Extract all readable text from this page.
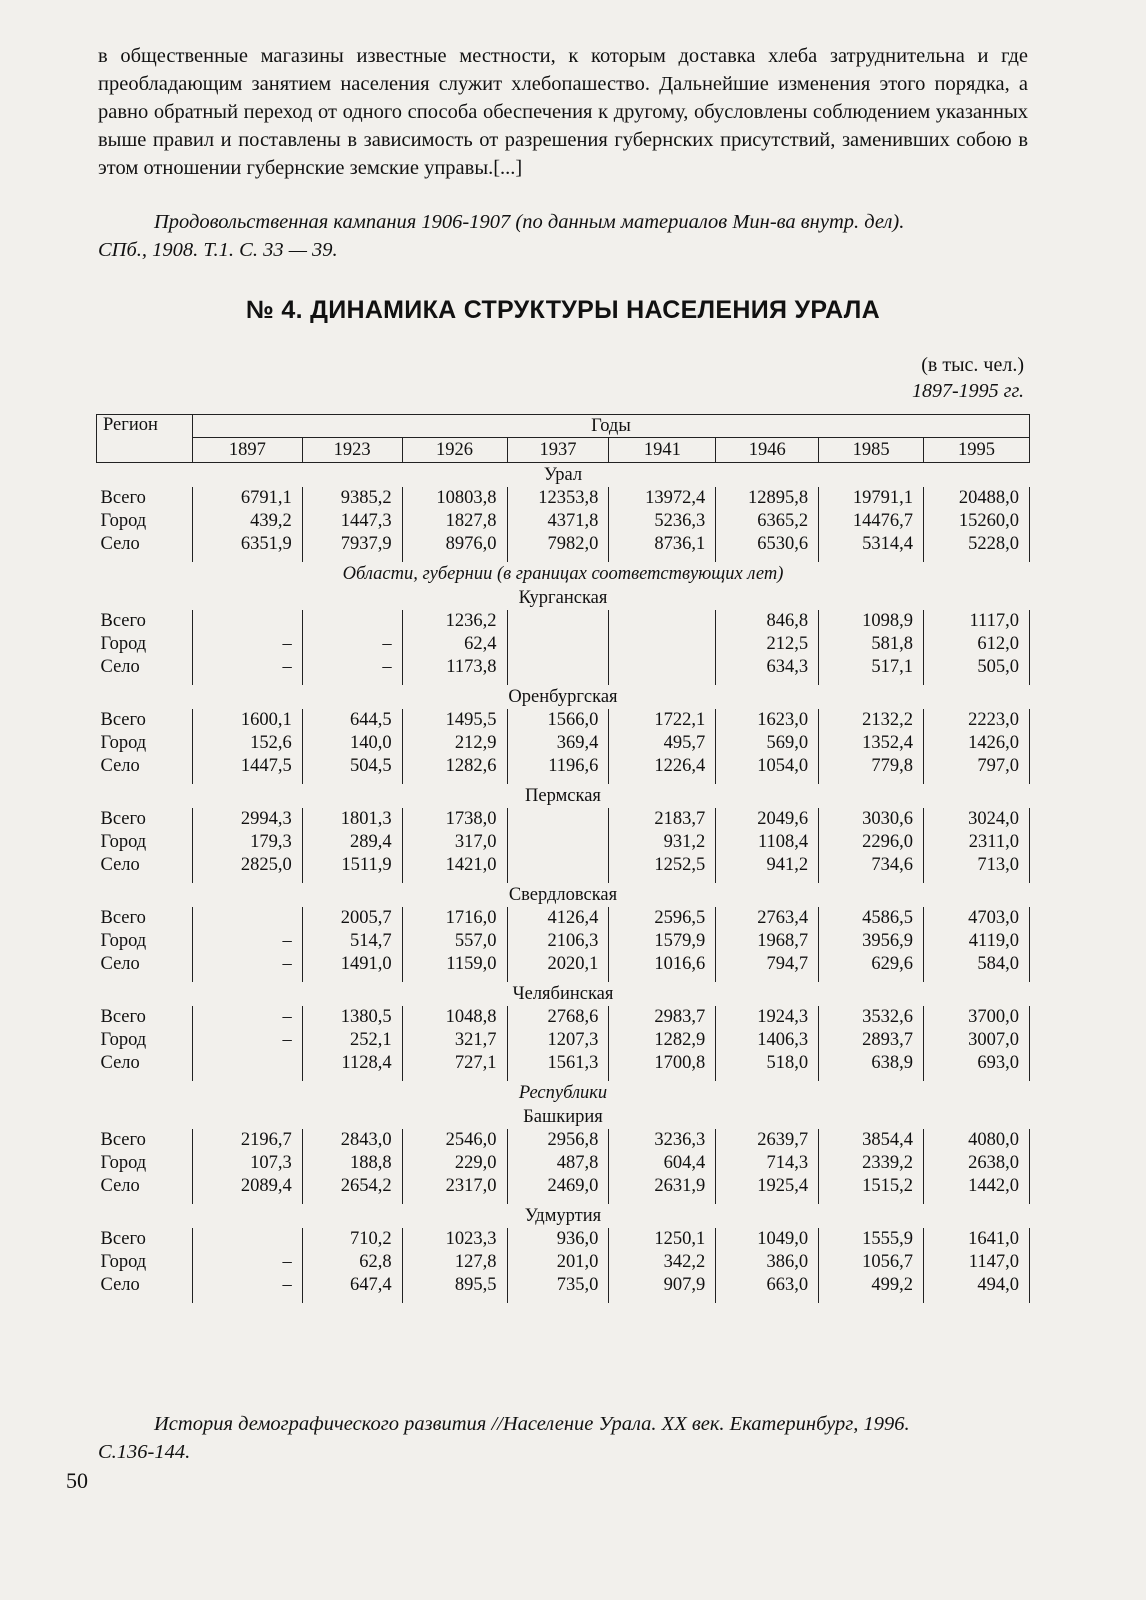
в общественные магазины известные местности, к которым доставка хлеба затруднительна и где преобладающим занятием населения служит хлебопашество. Дальнейшие изменения этого порядка, а равно обратный переход от одного способа обеспечения к другому, обусловлены соблюдением указанных выше правил и поставлены в зависимость от разрешения губернских присутствий, заменивших собою в этом отношении губернские земские управы.[...]
Продовольственная кампания 1906-1907 (по данным материалов Мин-ва внутр. дел).
СПб., 1908. Т.1. С. 33 — 39.
№ 4. ДИНАМИКА СТРУКТУРЫ НАСЕЛЕНИЯ УРАЛА
(в тыс. чел.)
1897-1995 гг.
Регион	Годы							
	1897	1923	1926	1937	1941	1946	1985	1995
Урал								
Всего	6791,1	9385,2	10803,8	12353,8	13972,4	12895,8	19791,1	20488,0
Город	439,2	1447,3	1827,8	4371,8	5236,3	6365,2	14476,7	15260,0
Село	6351,9	7937,9	8976,0	7982,0	8736,1	6530,6	5314,4	5228,0
Области, губернии (в границах соответствующих лет)								
Курганская								
Всего			1236,2			846,8	1098,9	1117,0
Город	–	–	62,4			212,5	581,8	612,0
Село	–	–	1173,8			634,3	517,1	505,0
Оренбургская								
Всего	1600,1	644,5	1495,5	1566,0	1722,1	1623,0	2132,2	2223,0
Город	152,6	140,0	212,9	369,4	495,7	569,0	1352,4	1426,0
Село	1447,5	504,5	1282,6	1196,6	1226,4	1054,0	779,8	797,0
Пермская								
Всего	2994,3	1801,3	1738,0		2183,7	2049,6	3030,6	3024,0
Город	179,3	289,4	317,0		931,2	1108,4	2296,0	2311,0
Село	2825,0	1511,9	1421,0		1252,5	941,2	734,6	713,0
Свердловская								
Всего		2005,7	1716,0	4126,4	2596,5	2763,4	4586,5	4703,0
Город	–	514,7	557,0	2106,3	1579,9	1968,7	3956,9	4119,0
Село	–	1491,0	1159,0	2020,1	1016,6	794,7	629,6	584,0
Челябинская								
Всего	–	1380,5	1048,8	2768,6	2983,7	1924,3	3532,6	3700,0
Город	–	252,1	321,7	1207,3	1282,9	1406,3	2893,7	3007,0
Село		1128,4	727,1	1561,3	1700,8	518,0	638,9	693,0
Республики								
Башкирия								
Всего	2196,7	2843,0	2546,0	2956,8	3236,3	2639,7	3854,4	4080,0
Город	107,3	188,8	229,0	487,8	604,4	714,3	2339,2	2638,0
Село	2089,4	2654,2	2317,0	2469,0	2631,9	1925,4	1515,2	1442,0
Удмуртия								
Всего		710,2	1023,3	936,0	1250,1	1049,0	1555,9	1641,0
Город	–	62,8	127,8	201,0	342,2	386,0	1056,7	1147,0
Село	–	647,4	895,5	735,0	907,9	663,0	499,2	494,0
История демографического развития //Население Урала. XX век. Екатеринбург, 1996.
С.136-144.
50
